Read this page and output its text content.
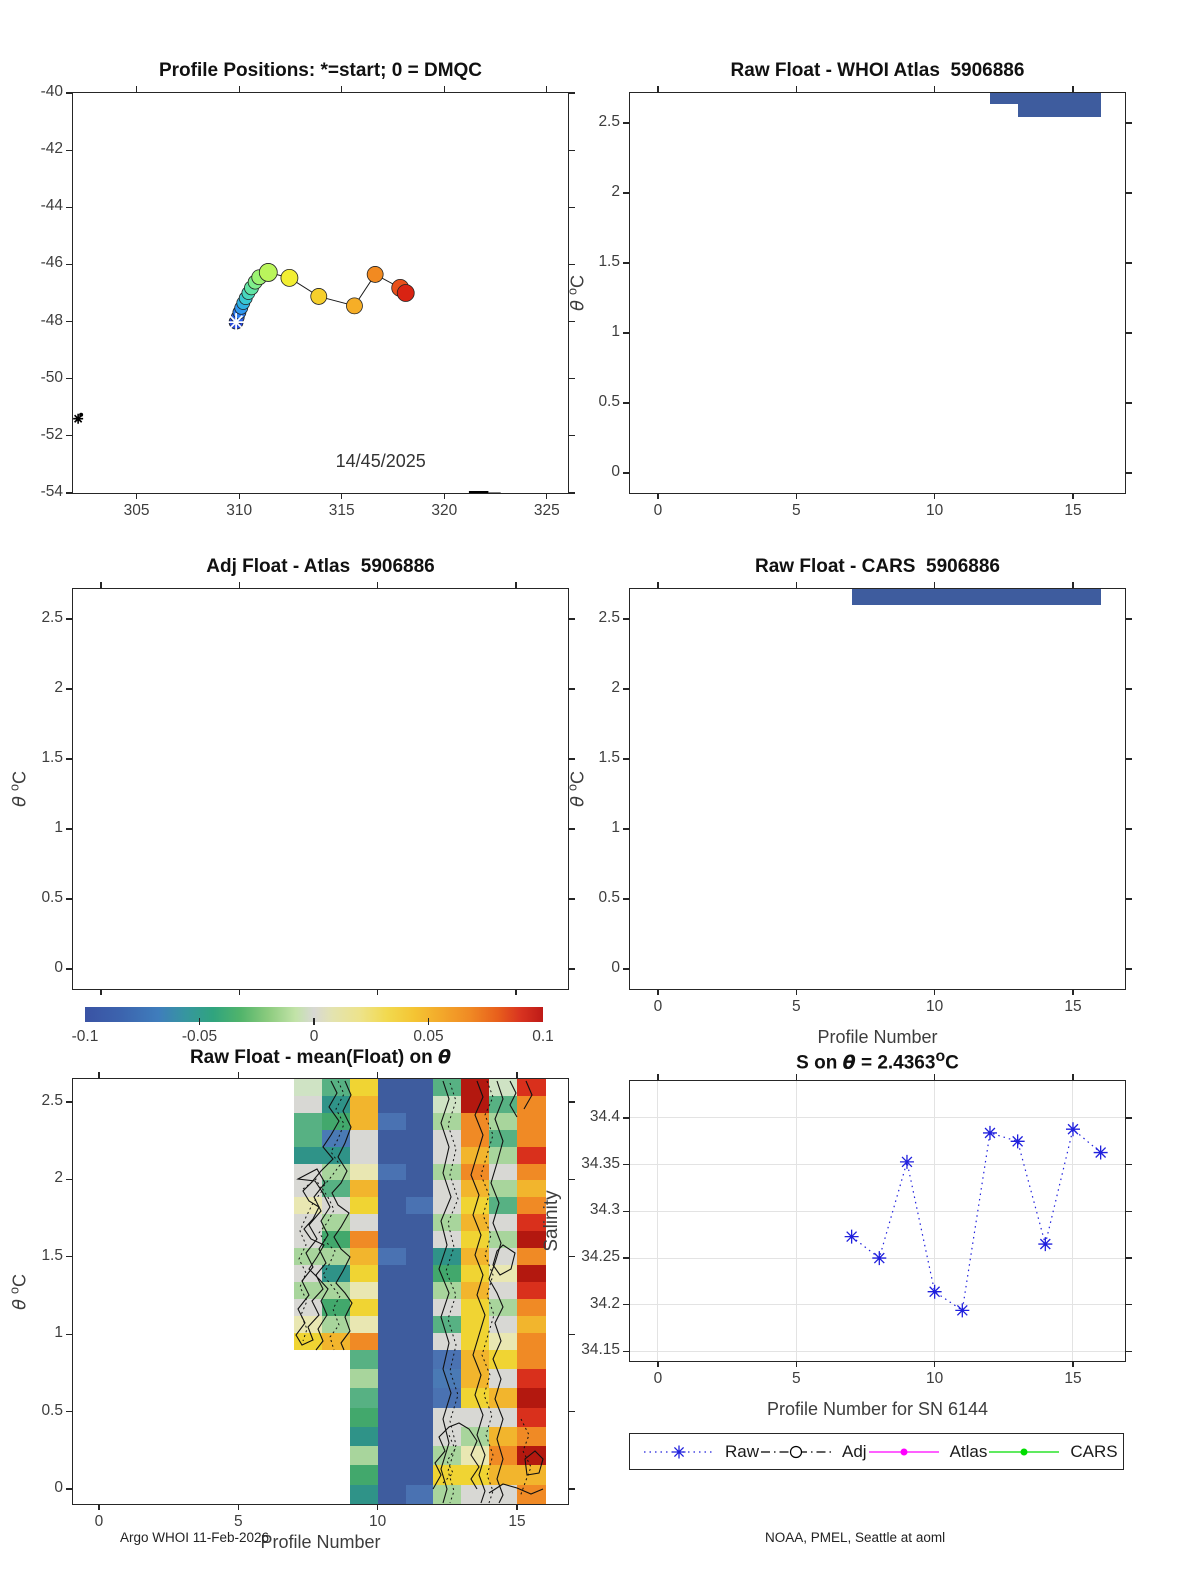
Profile Positions: *=start; 0 = DMQC
14/45/2025
305	310	315	320	325
-54
-52
-50
-48
-46
-44
-42
-40
Raw Float - WHOI Atlas  5906886
θ $^o$C
0	5	10	15
0
0.5
1
1.5
2
2.5
Adj Float - Atlas  5906886
θ $^o$C
0
0.5
1
1.5
2
2.5
Raw Float - CARS  5906886
θ $^o$C
Profile Number
0	5	10	15
0
0.5
1
1.5
2
2.5
-0.1	-0.05	0	0.05	0.1
Raw Float - mean(Float) on θ
θ $^o$C
Profile Number
0	5	10	15
0
0.5
1
1.5
2
2.5
S on $\theta = 2.4363^oC$
Salinity
Profile Number for SN 6144
0	5	10	15
34.15
34.2
34.25
34.3
34.35
34.4
Raw	Adj	Atlas	CARS
Argo WHOI 11-Feb-2026	NOAA, PMEL, Seattle at aoml
